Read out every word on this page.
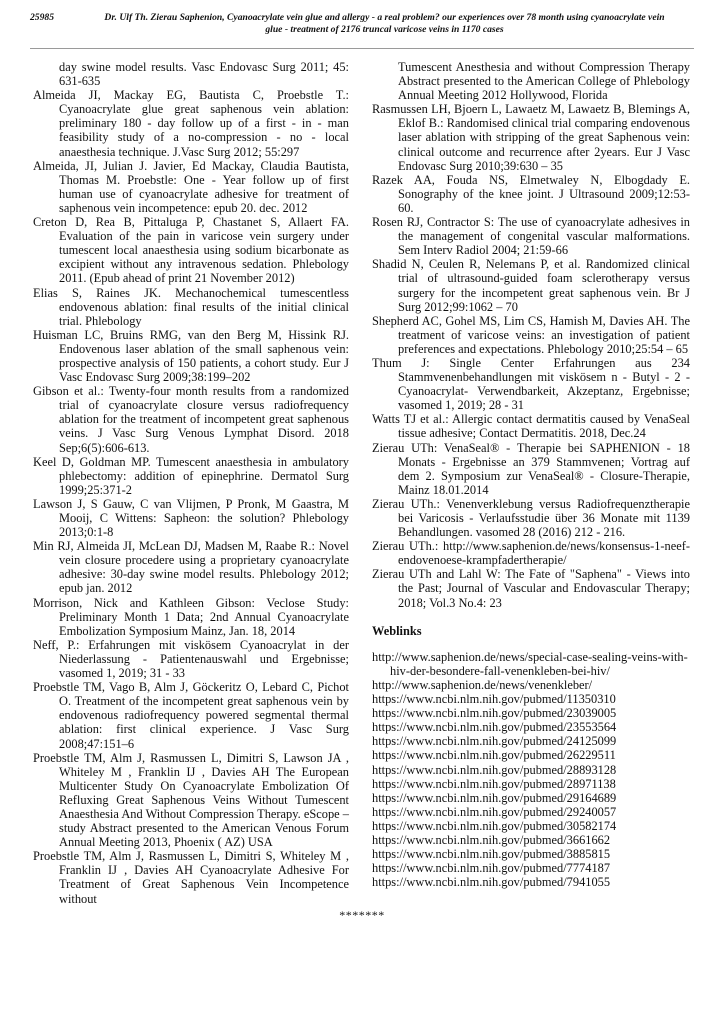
25985	Dr. Ulf Th. Zierau Saphenion, Cyanoacrylate vein glue and allergy - a real problem? our experiences over 78 month using cyanoacrylate vein glue - treatment of 2176 truncal varicose veins in 1170 cases

day swine model results. Vasc Endovasc Surg 2011; 45: 631-635

Almeida JI, Mackay EG, Bautista C, Proebstle T.: Cyanoacrylate glue great saphenous vein ablation: preliminary 180 - day follow up of a first - in - man feasibility study of a no-compression - no - local anaesthesia technique. J.Vasc Surg 2012; 55:297

Almeida, JI, Julian J. Javier, Ed Mackay, Claudia Bautista, Thomas M. Proebstle: One - Year follow up of first human use of cyanoacrylate adhesive for treatment of saphenous vein incompetence: epub 20. dec. 2012

Creton D, Rea B, Pittaluga P, Chastanet S, Allaert FA. Evaluation of the pain in varicose vein surgery under tumescent local anaesthesia using sodium bicarbonate as excipient without any intravenous sedation. Phlebology 2011. (Epub ahead of print 21 November 2012)

Elias S, Raines JK. Mechanochemical tumescentless endovenous ablation: final results of the initial clinical trial. Phlebology

Huisman LC, Bruins RMG, van den Berg M, Hissink RJ. Endovenous laser ablation of the small saphenous vein: prospective analysis of 150 patients, a cohort study. Eur J Vasc Endovasc Surg 2009;38:199–202

Gibson et al.: Twenty-four month results from a randomized trial of cyanoacrylate closure versus radiofrequency ablation for the treatment of incompetent great saphenous veins. J Vasc Surg Venous Lymphat Disord. 2018 Sep;6(5):606-613.

Keel D, Goldman MP. Tumescent anaesthesia in ambulatory phlebectomy: addition of epinephrine. Dermatol Surg 1999;25:371-2

Lawson J, S Gauw, C van Vlijmen, P Pronk, M Gaastra, M Mooij, C Wittens: Sapheon: the solution? Phlebology 2013;0:1-8

Min RJ, Almeida JI, McLean DJ, Madsen M, Raabe R.: Novel vein closure procedere using a proprietary cyanoacrylate adhesive: 30-day swine model results. Phlebology 2012; epub jan. 2012

Morrison, Nick and Kathleen Gibson: Veclose Study: Preliminary Month 1 Data; 2nd Annual Cyanoacrylate Embolization Symposium Mainz, Jan. 18, 2014

Neff, P.: Erfahrungen mit viskösem Cyanoacrylat in der Niederlassung - Patientenauswahl und Ergebnisse; vasomed 1, 2019; 31 - 33

Proebstle TM, Vago B, Alm J, Göckeritz O, Lebard C, Pichot O. Treatment of the incompetent great saphenous vein by endovenous radiofrequency powered segmental thermal ablation: first clinical experience. J Vasc Surg 2008;47:151–6

Proebstle TM, Alm J, Rasmussen L, Dimitri S, Lawson JA , Whiteley M , Franklin IJ , Davies AH The European Multicenter Study On Cyanoacrylate Embolization Of Refluxing Great Saphenous Veins Without Tumescent Anaesthesia And Without Compression Therapy. eScope – study Abstract presented to the American Venous Forum Annual Meeting 2013, Phoenix ( AZ) USA

Proebstle TM, Alm J, Rasmussen L, Dimitri S, Whiteley M , Franklin IJ , Davies AH Cyanoacrylate Adhesive For Treatment of Great Saphenous Vein Incompetence without

Tumescent Anesthesia and without Compression Therapy Abstract presented to the American College of Phlebology Annual Meeting 2012 Hollywood, Florida

Rasmussen LH, Bjoern L, Lawaetz M, Lawaetz B, Blemings A, Eklof B.: Randomised clinical trial comparing endovenous laser ablation with stripping of the great Saphenous vein: clinical outcome and recurrence after 2years. Eur J Vasc Endovasc Surg 2010;39:630 – 35

Razek AA, Fouda NS, Elmetwaley N, Elbogdady E. Sonography of the knee joint. J Ultrasound 2009;12:53-60.

Rosen RJ, Contractor S: The use of cyanoacrylate adhesives in the management of congenital vascular malformations. Sem Interv Radiol 2004; 21:59-66

Shadid N, Ceulen R, Nelemans P, et al. Randomized clinical trial of ultrasound-guided foam sclerotherapy versus surgery for the incompetent great saphenous vein. Br J Surg 2012;99:1062 – 70

Shepherd AC, Gohel MS, Lim CS, Hamish M, Davies AH. The treatment of varicose veins: an investigation of patient preferences and expectations. Phlebology 2010;25:54 – 65

Thum J: Single Center Erfahrungen aus 234 Stammvenenbehandlungen mit viskösem n - Butyl - 2 - Cyanoacrylat- Verwendbarkeit, Akzeptanz, Ergebnisse; vasomed 1, 2019; 28 - 31

Watts TJ et al.: Allergic contact dermatitis caused by VenaSeal tissue adhesive; Contact Dermatitis. 2018, Dec.24

Zierau UTh: VenaSeal® - Therapie bei SAPHENION - 18 Monats - Ergebnisse an 379 Stammvenen; Vortrag auf dem 2. Symposium zur VenaSeal® - Closure-Therapie, Mainz 18.01.2014

Zierau UTh.: Venenverklebung versus Radiofrequenztherapie bei Varicosis - Verlaufsstudie über 36 Monate mit 1139 Behandlungen. vasomed 28 (2016) 212 - 216.

Zierau UTh.: http://www.saphenion.de/news/konsensus-1-neef-endovenoese-krampfadertherapie/

Zierau UTh and Lahl W: The Fate of "Saphena" - Views into the Past; Journal of Vascular and Endovascular Therapy; 2018; Vol.3 No.4: 23

Weblinks

http://www.saphenion.de/news/special-case-sealing-veins-with-hiv-der-besondere-fall-venenkleben-bei-hiv/

http://www.saphenion.de/news/venenkleber/

https://www.ncbi.nlm.nih.gov/pubmed/11350310

https://www.ncbi.nlm.nih.gov/pubmed/23039005

https://www.ncbi.nlm.nih.gov/pubmed/23553564

https://www.ncbi.nlm.nih.gov/pubmed/24125099

https://www.ncbi.nlm.nih.gov/pubmed/26229511

https://www.ncbi.nlm.nih.gov/pubmed/28893128

https://www.ncbi.nlm.nih.gov/pubmed/28971138

https://www.ncbi.nlm.nih.gov/pubmed/29164689

https://www.ncbi.nlm.nih.gov/pubmed/29240057

https://www.ncbi.nlm.nih.gov/pubmed/30582174

https://www.ncbi.nlm.nih.gov/pubmed/3661662

https://www.ncbi.nlm.nih.gov/pubmed/3885815

https://www.ncbi.nlm.nih.gov/pubmed/7774187

https://www.ncbi.nlm.nih.gov/pubmed/7941055

*******
